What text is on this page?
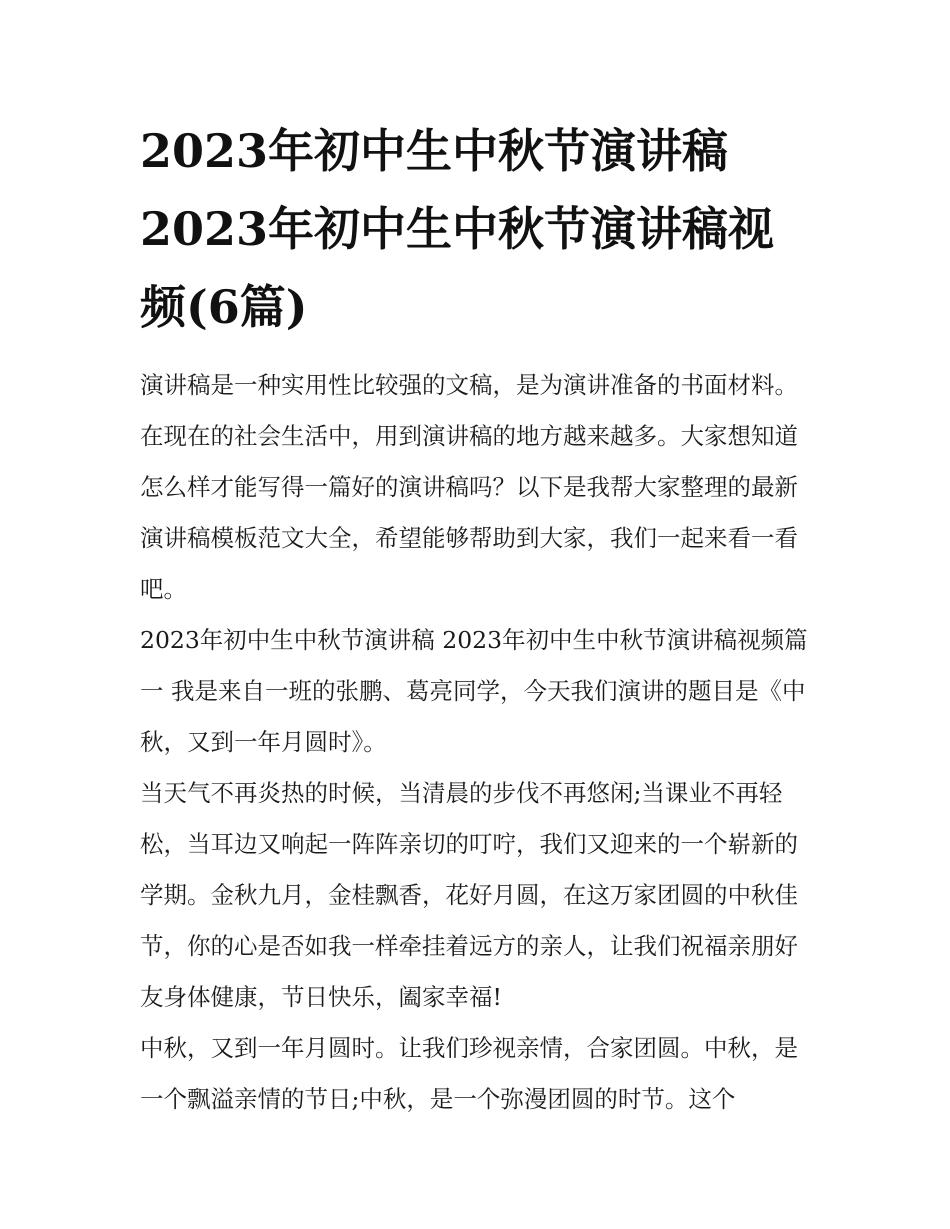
2023年初中生中秋节演讲稿 2023年初中生中秋节演讲稿视频(6篇)

演讲稿是一种实用性比较强的文稿，是为演讲准备的书面材料。在现在的社会生活中，用到演讲稿的地方越来越多。大家想知道怎么样才能写得一篇好的演讲稿吗？以下是我帮大家整理的最新演讲稿模板范文大全，希望能够帮助到大家，我们一起来看一看吧。

2023年初中生中秋节演讲稿 2023年初中生中秋节演讲稿视频篇一 我是来自一班的张鹏、葛亮同学，今天我们演讲的题目是《中秋，又到一年月圆时》。

当天气不再炎热的时候，当清晨的步伐不再悠闲;当课业不再轻松，当耳边又响起一阵阵亲切的叮咛，我们又迎来的一个崭新的学期。金秋九月，金桂飘香，花好月圆，在这万家团圆的中秋佳节，你的心是否如我一样牵挂着远方的亲人，让我们祝福亲朋好友身体健康，节日快乐，阖家幸福!

中秋，又到一年月圆时。让我们珍视亲情，合家团圆。中秋，是一个飘溢亲情的节日;中秋，是一个弥漫团圆的时节。这个
